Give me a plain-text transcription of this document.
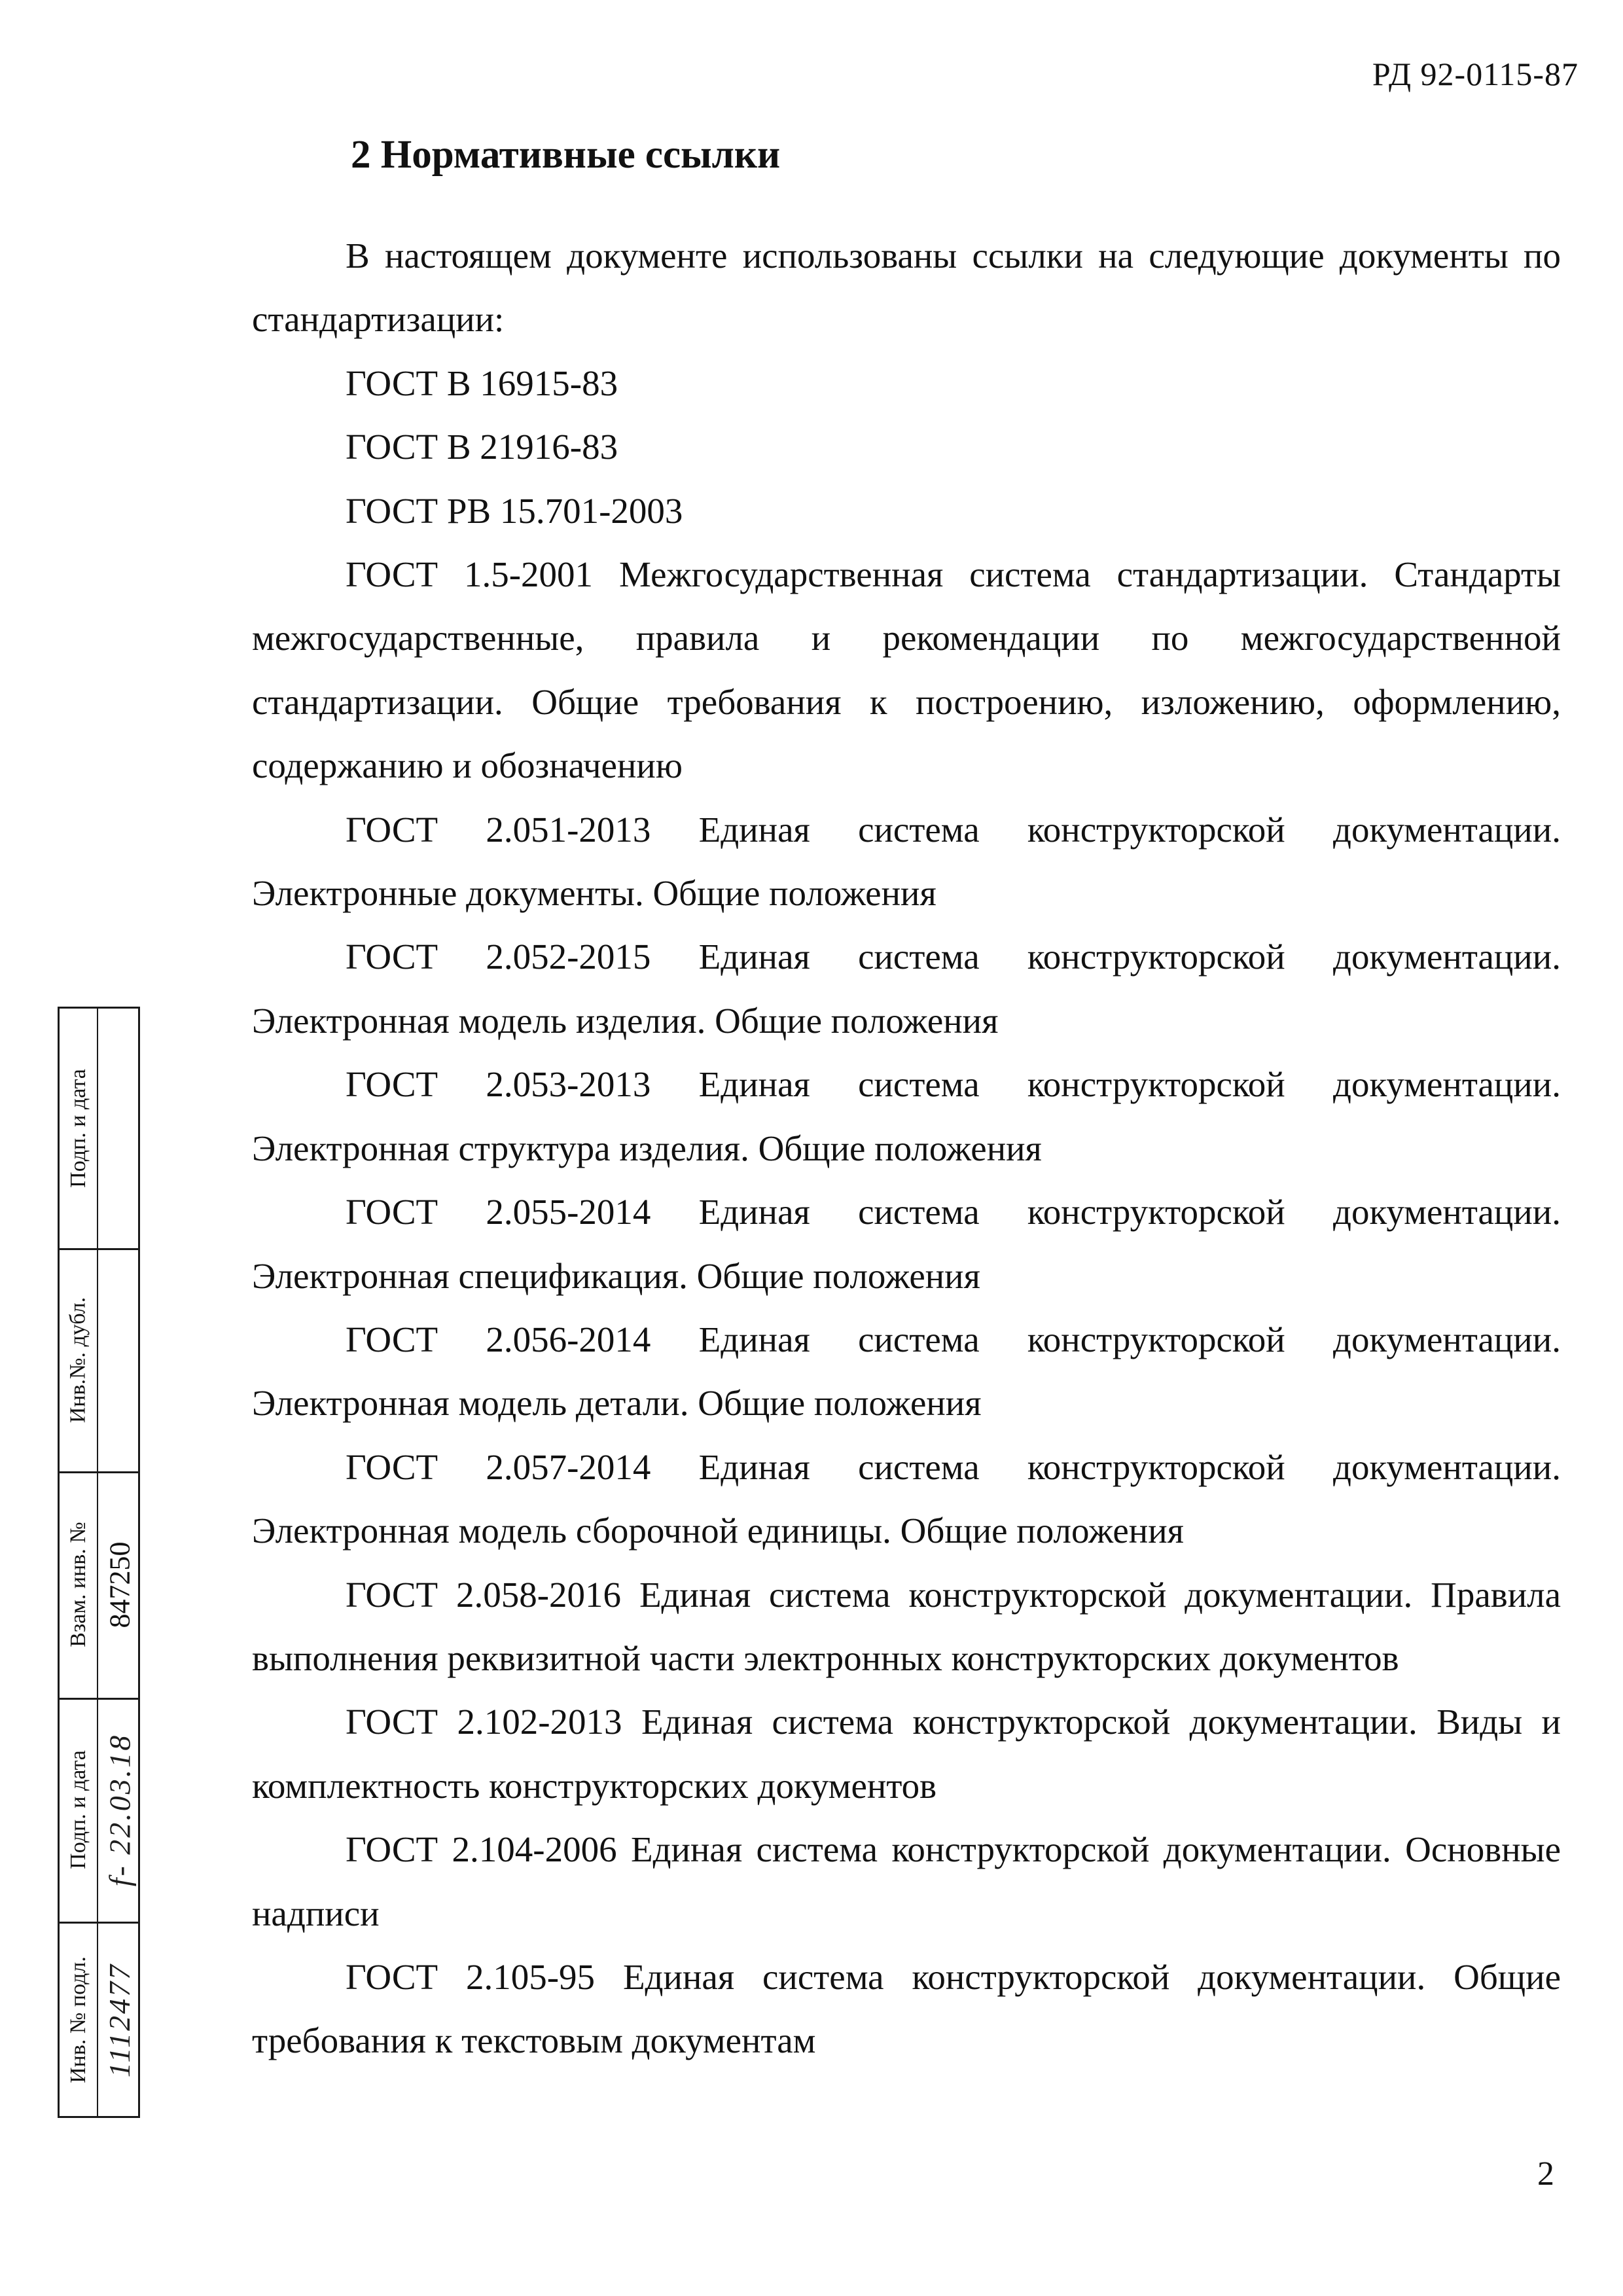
РД 92-0115-87
2 Нормативные ссылки

В настоящем документе использованы ссылки на следующие документы по стандартизации:

ГОСТ В 16915-83

ГОСТ В 21916-83

ГОСТ РВ 15.701-2003

ГОСТ 1.5-2001 Межгосударственная система стандартизации. Стандарты межгосударственные, правила и рекомендации по межгосударственной стандартизации. Общие требования к построению, изложению, оформлению, содержанию и обозначению

ГОСТ 2.051-2013 Единая система конструкторской документации. Электронные документы. Общие положения

ГОСТ 2.052-2015 Единая система конструкторской документации. Электронная модель изделия. Общие положения

ГОСТ 2.053-2013 Единая система конструкторской документации. Электронная структура изделия. Общие положения

ГОСТ 2.055-2014 Единая система конструкторской документации. Электронная спецификация. Общие положения

ГОСТ 2.056-2014 Единая система конструкторской документации. Электронная модель детали. Общие положения

ГОСТ 2.057-2014 Единая система конструкторской документации. Электронная модель сборочной единицы. Общие положения

ГОСТ 2.058-2016 Единая система конструкторской документации. Правила выполнения реквизитной части электронных конструкторских документов

ГОСТ 2.102-2013 Единая система конструкторской документации. Виды и комплектность конструкторских документов

ГОСТ 2.104-2006 Единая система конструкторской документации. Основные надписи

ГОСТ 2.105-95 Единая система конструкторской документации. Общие требования к текстовым документам

2
Подп. и дата
Инв.№. дубл.
Взам. инв. № 847250
Подп. и дата f- 22.03.18
Инв. № подл. 1112477
